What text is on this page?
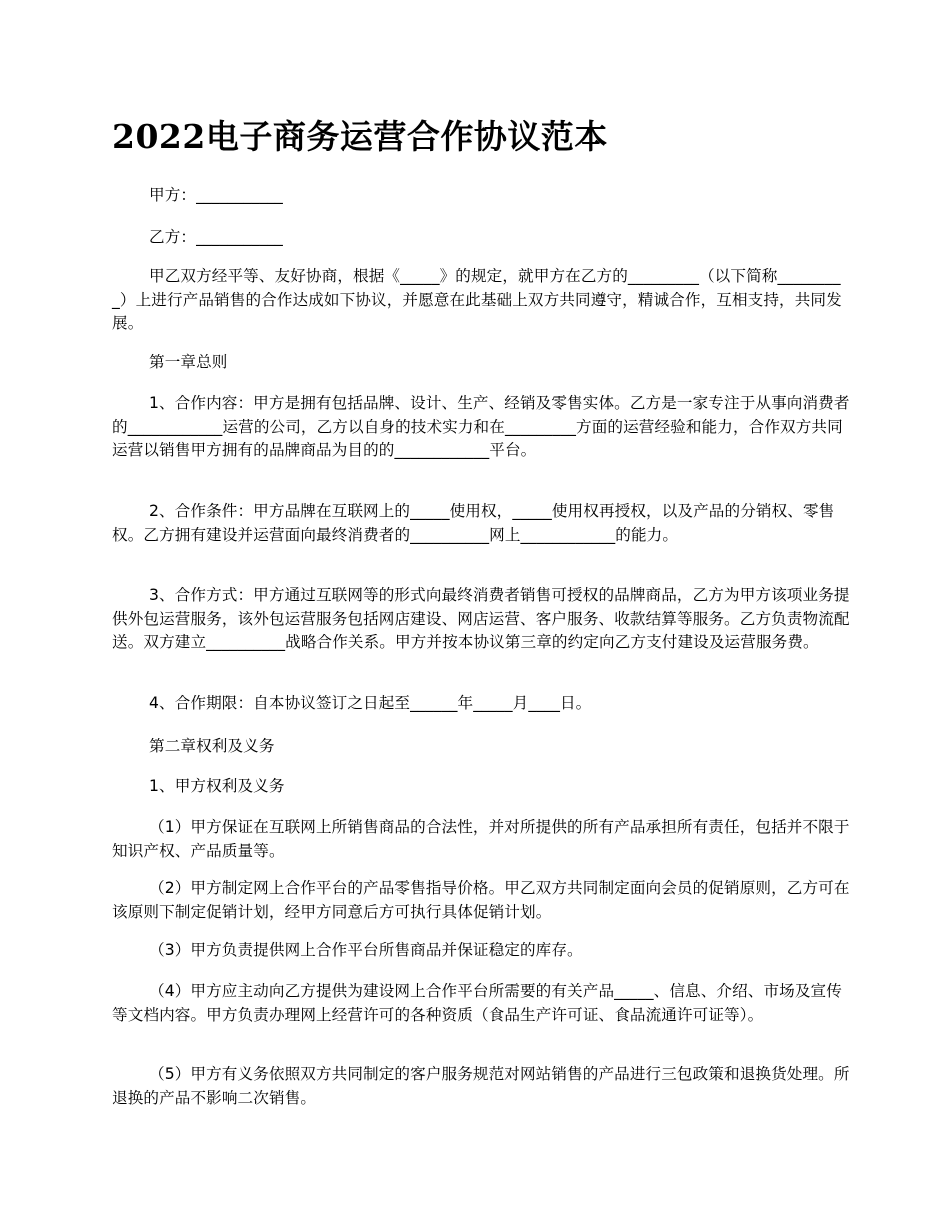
2022电子商务运营合作协议范本

甲方：___________

乙方：___________

甲乙双方经平等、友好协商，根据《_____》的规定，就甲方在乙方的_________（以下简称_________）上进行产品销售的合作达成如下协议，并愿意在此基础上双方共同遵守，精诚合作，互相支持，共同发展。

第一章总则

1、合作内容：甲方是拥有包括品牌、设计、生产、经销及零售实体。乙方是一家专注于从事向消费者的____________运营的公司，乙方以自身的技术实力和在_________方面的运营经验和能力，合作双方共同运营以销售甲方拥有的品牌商品为目的的____________平台。

2、合作条件：甲方品牌在互联网上的_____使用权，_____使用权再授权，以及产品的分销权、零售权。乙方拥有建设并运营面向最终消费者的__________网上____________的能力。

3、合作方式：甲方通过互联网等的形式向最终消费者销售可授权的品牌商品，乙方为甲方该项业务提供外包运营服务，该外包运营服务包括网店建设、网店运营、客户服务、收款结算等服务。乙方负责物流配送。双方建立__________战略合作关系。甲方并按本协议第三章的约定向乙方支付建设及运营服务费。

4、合作期限：自本协议签订之日起至______年_____月____日。

第二章权利及义务

1、甲方权利及义务

（1）甲方保证在互联网上所销售商品的合法性，并对所提供的所有产品承担所有责任，包括并不限于知识产权、产品质量等。

（2）甲方制定网上合作平台的产品零售指导价格。甲乙双方共同制定面向会员的促销原则，乙方可在该原则下制定促销计划，经甲方同意后方可执行具体促销计划。

（3）甲方负责提供网上合作平台所售商品并保证稳定的库存。

（4）甲方应主动向乙方提供为建设网上合作平台所需要的有关产品_____、信息、介绍、市场及宣传等文档内容。甲方负责办理网上经营许可的各种资质（食品生产许可证、食品流通许可证等）。

（5）甲方有义务依照双方共同制定的客户服务规范对网站销售的产品进行三包政策和退换货处理。所退换的产品不影响二次销售。
